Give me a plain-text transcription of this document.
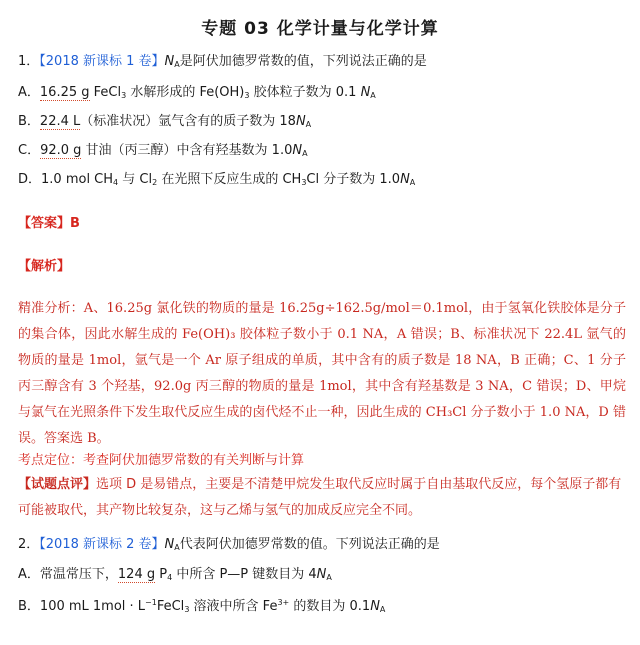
专题 03 化学计量与化学计算
1．【2018 新课标 1 卷】$N_A$是阿伏加德罗常数的值，下列说法正确的是
A．16.25 g FeCl$_3$ 水解形成的 $Fe(OH)_3$ 胶体粒子数为 0.1 $N_A$
B．22.4 L（标准状况）氩气含有的质子数为 $18N_A$
C．92.0 g 甘油（丙三醇）中含有羟基数为 $1.0N_A$
D．1.0 mol $CH_4$ 与 $Cl_2$ 在光照下反应生成的 $CH_3Cl$ 分子数为 $1.0N_A$
【答案】B
【解析】
精准分析：A、16.25g 氯化铁的物质的量是 16.25g÷162.5g/mol＝0.1mol，由于氢氧化铁胶体是分子的集合体，因此水解生成的 Fe(OH)₃ 胶体粒子数小于 0.1 NA，A 错误；B、标准状况下 22.4L 氩气的物质的量是 1mol，氩气是一个 Ar 原子组成的单质，其中含有的质子数是 18 NA，B 正确；C、1 分子丙三醇含有 3 个羟基，92.0g 丙三醇的物质的量是 1mol，其中含有羟基数是 3 NA，C 错误；D、甲烷与氯气在光照条件下发生取代反应生成的卤代烃不止一种，因此生成的 CH₃Cl 分子数小于 1.0 NA，D 错误。答案选 B。
考点定位：考查阿伏加德罗常数的有关判断与计算
【试题点评】选项 D 是易错点，主要是不清楚甲烷发生取代反应时属于自由基取代反应，每个氢原子都有可能被取代，其产物比较复杂，这与乙烯与氢气的加成反应完全不同。
2．【2018 新课标 2 卷】$N_A$代表阿伏加德罗常数的值。下列说法正确的是
A．常温常压下，124 g $P_4$ 中所含 P—P 键数目为 $4N_A$
B．100 mL $1mol \cdot L^{-1}FeCl_3$ 溶液中所含 $Fe^{3+}$ 的数目为 $0.1N_A$
